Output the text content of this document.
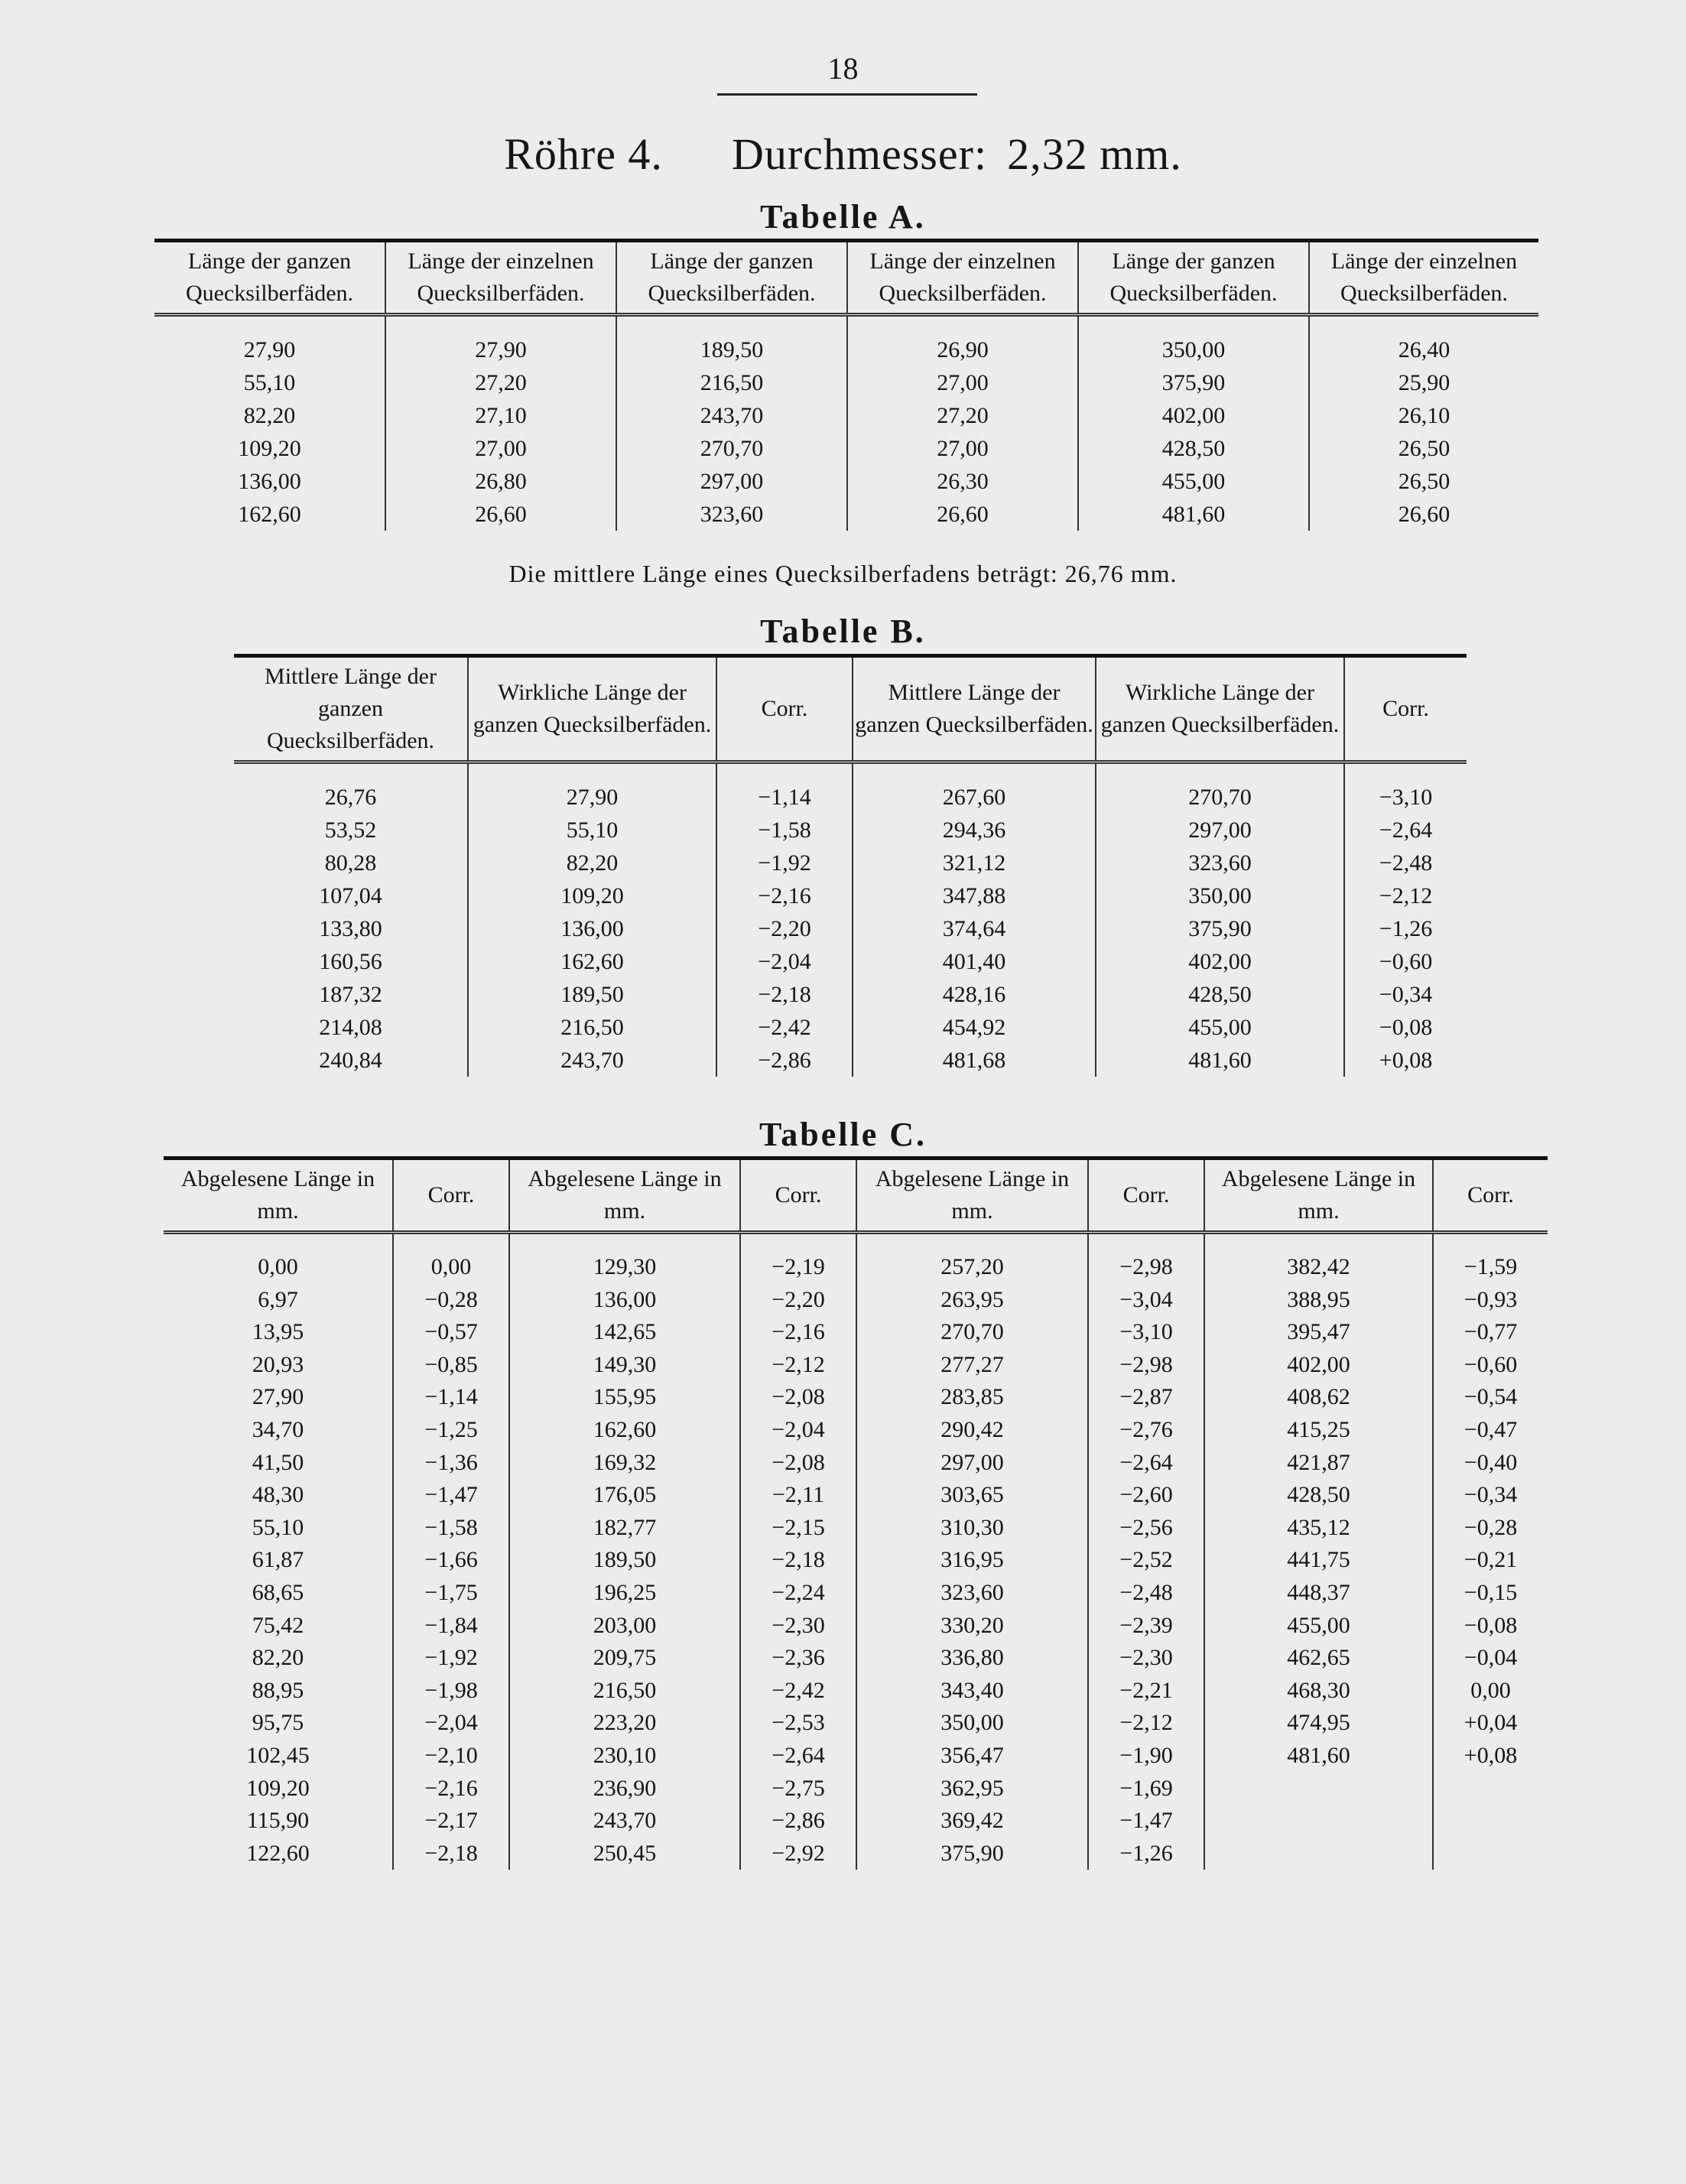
18
Röhre 4. Durchmesser: 2,32 mm.
Tabelle A.
Länge der ganzen Quecksilberfäden.	Länge der einzelnen Quecksilberfäden.	Länge der ganzen Quecksilberfäden.	Länge der einzelnen Quecksilberfäden.	Länge der ganzen Quecksilberfäden.	Länge der einzelnen Quecksilberfäden.
27,90	27,90	189,50	26,90	350,00	26,40
55,10	27,20	216,50	27,00	375,90	25,90
82,20	27,10	243,70	27,20	402,00	26,10
109,20	27,00	270,70	27,00	428,50	26,50
136,00	26,80	297,00	26,30	455,00	26,50
162,60	26,60	323,60	26,60	481,60	26,60
Die mittlere Länge eines Quecksilberfadens beträgt: 26,76 mm.
Tabelle B.
Mittlere Länge der ganzen Quecksilberfäden.	Wirkliche Länge der ganzen Quecksilberfäden.	Corr.	Mittlere Länge der ganzen Quecksilberfäden.	Wirkliche Länge der ganzen Quecksilberfäden.	Corr.
26,76	27,90	−1,14	267,60	270,70	−3,10
53,52	55,10	−1,58	294,36	297,00	−2,64
80,28	82,20	−1,92	321,12	323,60	−2,48
107,04	109,20	−2,16	347,88	350,00	−2,12
133,80	136,00	−2,20	374,64	375,90	−1,26
160,56	162,60	−2,04	401,40	402,00	−0,60
187,32	189,50	−2,18	428,16	428,50	−0,34
214,08	216,50	−2,42	454,92	455,00	−0,08
240,84	243,70	−2,86	481,68	481,60	+0,08
Tabelle C.
Abgelesene Länge in mm.	Corr.	Abgelesene Länge in mm.	Corr.	Abgelesene Länge in mm.	Corr.	Abgelesene Länge in mm.	Corr.
0,00	0,00	129,30	−2,19	257,20	−2,98	382,42	−1,59
6,97	−0,28	136,00	−2,20	263,95	−3,04	388,95	−0,93
13,95	−0,57	142,65	−2,16	270,70	−3,10	395,47	−0,77
20,93	−0,85	149,30	−2,12	277,27	−2,98	402,00	−0,60
27,90	−1,14	155,95	−2,08	283,85	−2,87	408,62	−0,54
34,70	−1,25	162,60	−2,04	290,42	−2,76	415,25	−0,47
41,50	−1,36	169,32	−2,08	297,00	−2,64	421,87	−0,40
48,30	−1,47	176,05	−2,11	303,65	−2,60	428,50	−0,34
55,10	−1,58	182,77	−2,15	310,30	−2,56	435,12	−0,28
61,87	−1,66	189,50	−2,18	316,95	−2,52	441,75	−0,21
68,65	−1,75	196,25	−2,24	323,60	−2,48	448,37	−0,15
75,42	−1,84	203,00	−2,30	330,20	−2,39	455,00	−0,08
82,20	−1,92	209,75	−2,36	336,80	−2,30	462,65	−0,04
88,95	−1,98	216,50	−2,42	343,40	−2,21	468,30	0,00
95,75	−2,04	223,20	−2,53	350,00	−2,12	474,95	+0,04
102,45	−2,10	230,10	−2,64	356,47	−1,90	481,60	+0,08
109,20	−2,16	236,90	−2,75	362,95	−1,69		
115,90	−2,17	243,70	−2,86	369,42	−1,47		
122,60	−2,18	250,45	−2,92	375,90	−1,26		
